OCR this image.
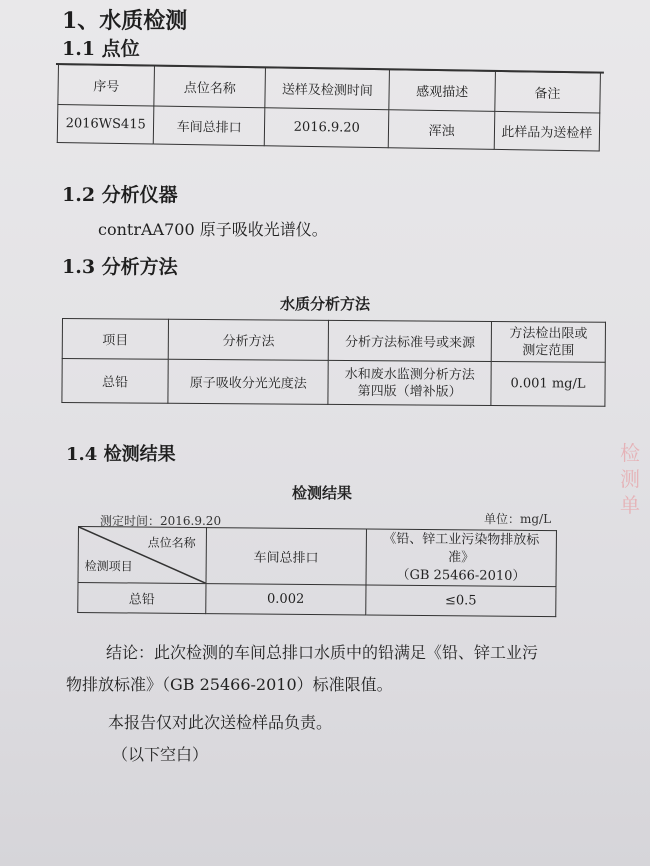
1、水质检测
1.1 点位
序号	点位名称	送样及检测时间	感观描述	备注
2016WS415	车间总排口	2016.9.20	浑浊	此样品为送检样
1.2 分析仪器
contrAA700 原子吸收光谱仪。
1.3 分析方法
水质分析方法
项目	分析方法	分析方法标准号或来源	方法检出限或
测定范围
总铅	原子吸收分光光度法	水和废水监测分析方法
第四版（增补版）	0.001 mg/L
1.4 检测结果
检测结果
测定时间：2016.9.20	单位：mg/L
点位名称
检测项目	车间总排口	《铅、锌工业污染物排放标准》
（GB 25466-2010）
总铅	0.002	≤0.5
结论：此次检测的车间总排口水质中的铅满足《铅、锌工业污
物排放标准》（GB 25466-2010）标准限值。
本报告仅对此次送检样品负责。
（以下空白）
检 测 单
